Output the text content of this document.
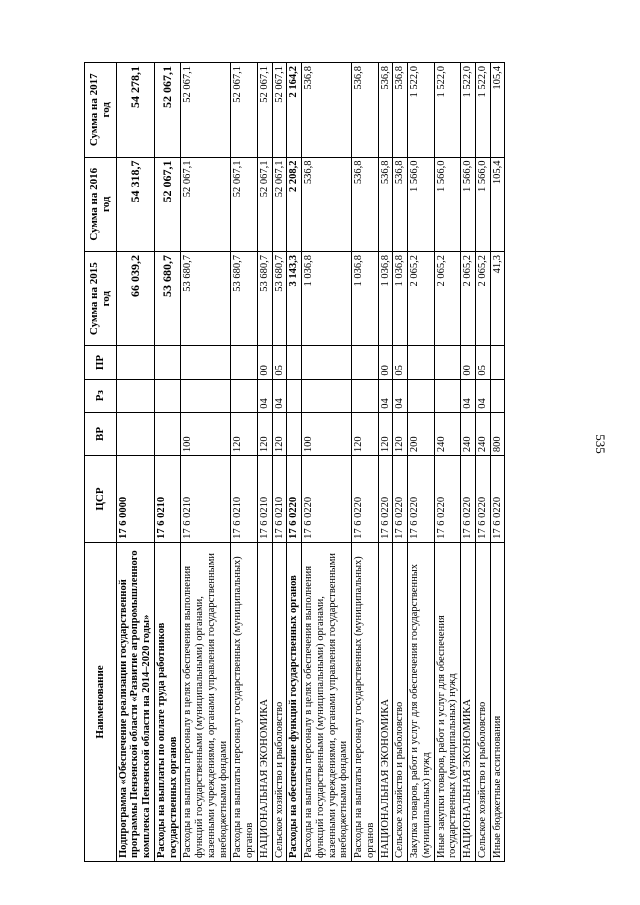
535
Наименование	ЦСР	ВР	Рз	ПР	Сумма на 2015 год	Сумма на 2016 год	Сумма на 2017 год
Подпрограмма «Обеспечение реализации государственной программы Пензенской области «Развитие агропромышленного комплекса Пензенской области на 2014–2020 годы»	17 6 0000				66 039,2	54 318,7	54 278,1
Расходы на выплаты по оплате труда работников государственных органов	17 6 0210				53 680,7	52 067,1	52 067,1
Расходы на выплаты персоналу в целях обеспечения выполнения функций государственными (муниципальными) органами, казенными учреждениями, органами управления государственными внебюджетными фондами	17 6 0210	100			53 680,7	52 067,1	52 067,1
Расходы на выплаты персоналу государственных (муниципальных) органов	17 6 0210	120			53 680,7	52 067,1	52 067,1
НАЦИОНАЛЬНАЯ ЭКОНОМИКА	17 6 0210	120	04	00	53 680,7	52 067,1	52 067,1
Сельское хозяйство и рыболовство	17 6 0210	120	04	05	53 680,7	52 067,1	52 067,1
Расходы на обеспечение функций государственных органов	17 6 0220				3 143,3	2 208,2	2 164,2
Расходы на выплаты персоналу в целях обеспечения выполнения функций государственными (муниципальными) органами, казенными учреждениями, органами управления государственными внебюджетными фондами	17 6 0220	100			1 036,8	536,8	536,8
Расходы на выплаты персоналу государственных (муниципальных) органов	17 6 0220	120			1 036,8	536,8	536,8
НАЦИОНАЛЬНАЯ ЭКОНОМИКА	17 6 0220	120	04	00	1 036,8	536,8	536,8
Сельское хозяйство и рыболовство	17 6 0220	120	04	05	1 036,8	536,8	536,8
Закупка товаров, работ и услуг для обеспечения государственных (муниципальных) нужд	17 6 0220	200			2 065,2	1 566,0	1 522,0
Иные закупки товаров, работ и услуг для обеспечения государственных (муниципальных) нужд	17 6 0220	240			2 065,2	1 566,0	1 522,0
НАЦИОНАЛЬНАЯ ЭКОНОМИКА	17 6 0220	240	04	00	2 065,2	1 566,0	1 522,0
Сельское хозяйство и рыболовство	17 6 0220	240	04	05	2 065,2	1 566,0	1 522,0
Иные бюджетные ассигнования	17 6 0220	800			41,3	105,4	105,4
